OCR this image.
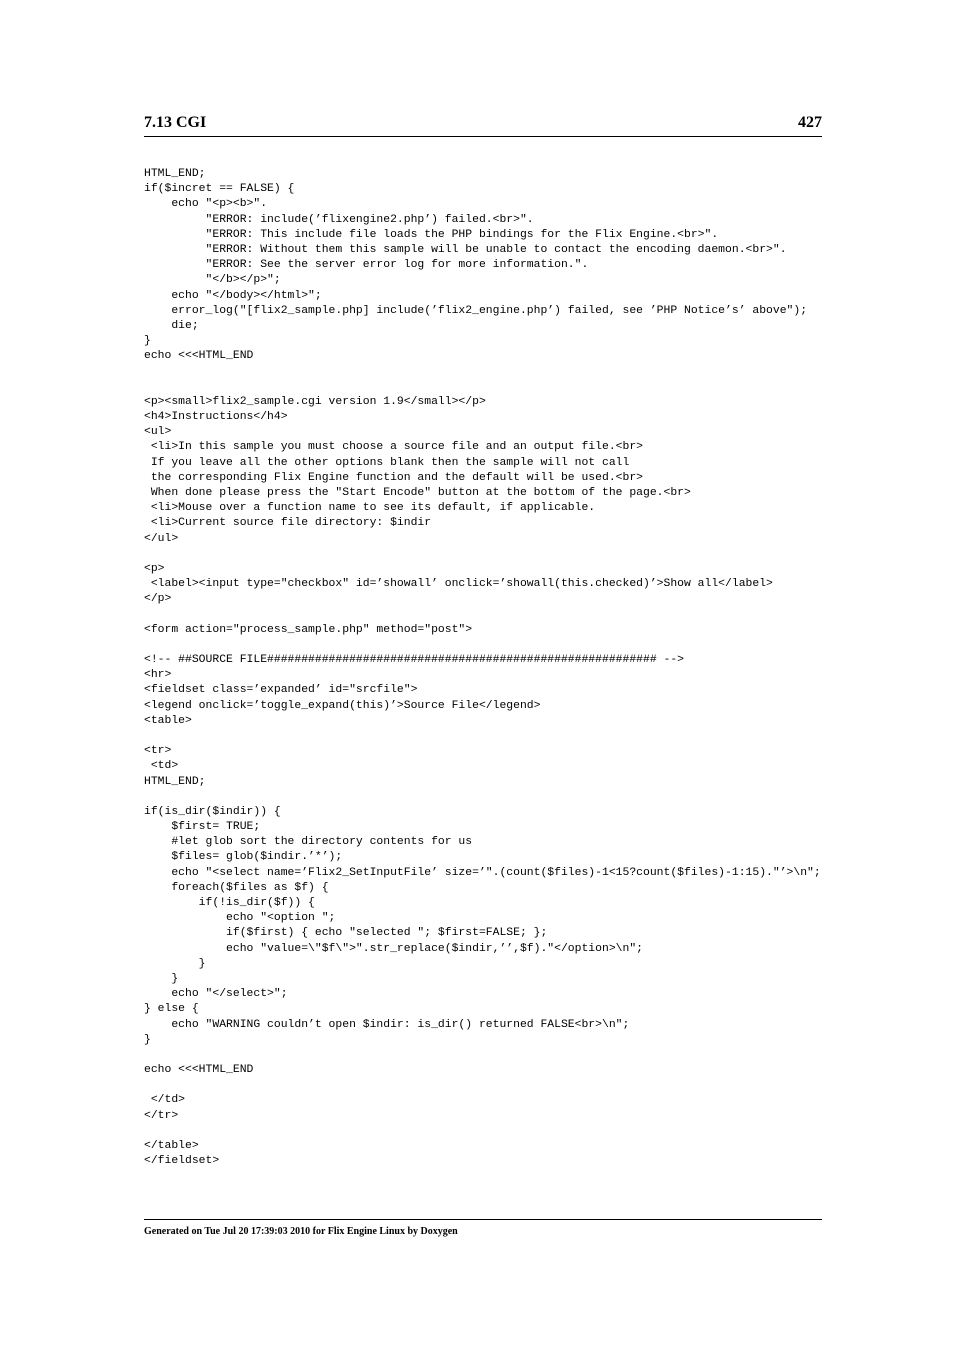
7.13 CGI	427
HTML_END;
if($incret == FALSE) {
echo "<p><b>".
"ERROR: include(’flixengine2.php’) failed.<br>".
"ERROR: This include file loads the PHP bindings for the Flix Engine.<br>".
"ERROR: Without them this sample will be unable to contact the encoding daemon.<br>".
"ERROR: See the server error log for more information.".
"</b></p>";
echo "</body></html>";
error_log("[flix2_sample.php] include(’flix2_engine.php’) failed, see ’PHP Notice’s’ above");
die;
}
echo <<<HTML_END
<p><small>flix2_sample.cgi version 1.9</small></p>
<h4>Instructions</h4>
<ul>
<li>In this sample you must choose a source file and an output file.<br>
If you leave all the other options blank then the sample will not call
the corresponding Flix Engine function and the default will be used.<br>
When done please press the "Start Encode" button at the bottom of the page.<br>
<li>Mouse over a function name to see its default, if applicable.
<li>Current source file directory: $indir
</ul>
<p>
<label><input type="checkbox" id=’showall’ onclick=’showall(this.checked)’>Show all</label>
</p>
<form action="process_sample.php" method="post">
<!-- ##SOURCE FILE######################################################### -->
<hr>
<fieldset class=’expanded’ id="srcfile">
<legend onclick=’toggle_expand(this)’>Source File</legend>
<table>
<tr>
<td>
HTML_END;
if(is_dir($indir)) {
$first= TRUE;
#let glob sort the directory contents for us
$files= glob($indir.’*’);
echo "<select name=’Flix2_SetInputFile’ size=’".(count($files)-1<15?count($files)-1:15)."’>\n";
foreach($files as $f) {
if(!is_dir($f)) {
echo "<option ";
if($first) { echo "selected "; $first=FALSE; };
echo "value=\"$f\">".str_replace($indir,’’,$f)."</option>\n";
}
}
echo "</select>";
} else {
echo "WARNING couldn’t open $indir: is_dir() returned FALSE<br>\n";
}
echo <<<HTML_END
</td>
</tr>
</table>
</fieldset>
Generated on Tue Jul 20 17:39:03 2010 for Flix Engine Linux by Doxygen
